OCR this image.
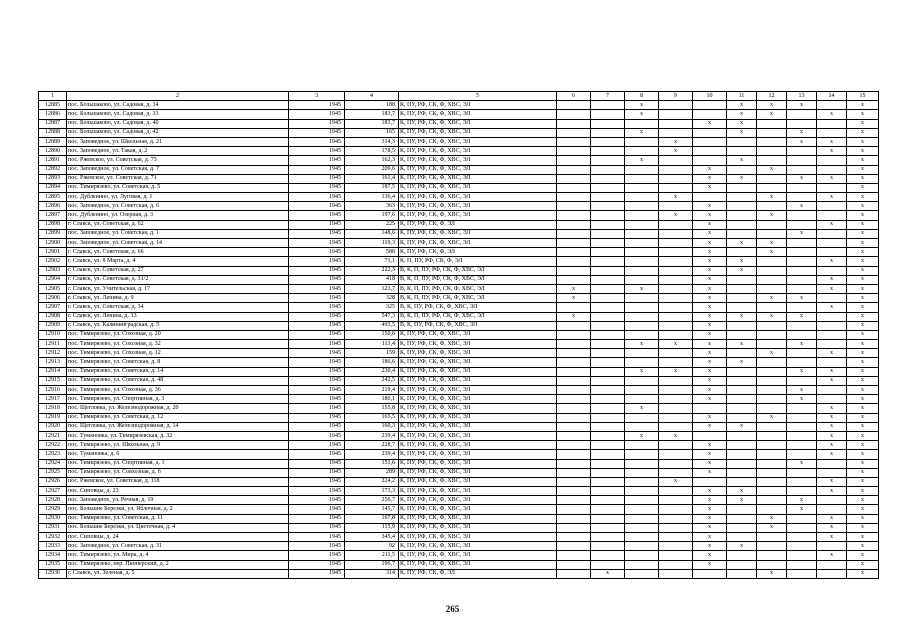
1	2	3	4	5	6	7	8	9	10	11	12	13	14	15
12885	пос. Большаково, ул. Садовая, д. 34	1945	188	К, ПУ, РФ, СК, Ф, ХВС, ЭЛ			x			x	x	x		x
12886	пос. Большаково, ул. Садовая, д. 33	1945	183,7	К, ПУ, РФ, СК, Ф, ХВС, ЭЛ			x			x	x		x	x
12887	пос. Большаково, ул. Садовая, д. 40	1945	183,7	К, ПУ, РФ, СК, Ф, ХВС, ЭЛ					x	x				x
12888	пос. Большаково, ул. Садовая, д. 42	1945	165	К, ПУ, РФ, СК, Ф, ХВС, ЭЛ			x			x		x		x
12889	пос. Заповедное, ул. Школьная, д. 21	1945	314,3	К, ПУ, РФ, СК, Ф, ХВС, ЭЛ				x				x	x	x
12890	пос. Заповедное, ул. Такая, д. 2	1945	178,5	К, ПУ, РФ, СК, Ф, ХВС, ЭЛ				x					x	x
12891	пос. Ржевское, ул. Советская, д. 75	1945	162,3	К, ПУ, РФ, СК, Ф, ХВС, ЭЛ			x			x				x
12892	пос. Заповедное, ул. Советская, д. 7	1945	209,6	К, ПУ, РФ, СК, Ф, ХВС, ЭЛ					x		x			x
12893	пос. Ржевское, ул. Советская, д. 71	1945	161,4	К, ПУ, РФ, СК, Ф, ХВС, ЭЛ					x	x		x	x	x
12894	пос. Тимирязево, ул. Советская, д. 5	1945	187,5	К, ПУ, РФ, СК, Ф, ХВС, ЭЛ					x					x
12895	пос. Дубленино, ул. Луговая, д. 1	1945	136,4	К, ПУ, РФ, СК, Ф, ХВС, ЭЛ				x			x		x	x
12896	пос. Заповедное, ул. Советская, д. 6	1945	363	К, ПУ, РФ, СК, Ф, ХВС, ЭЛ					x			x		x
12897	пос. Дубленино, ул. Озерная, д. 3	1945	197,6	К, ПУ, РФ, СК, Ф, ХВС, ЭЛ				x	x		x			x
12898	г. Славск, ул. Советская, д. 62	1945	225	К, ПУ, РФ, СК, Ф, ЭЛ					x				x	x
12899	пос. Заповедное, ул. Советская, д. 1	1945	148,6	К, ПУ, РФ, СК, Ф, ХВС, ЭЛ					x			x		x
12900	пос. Заповедное, ул. Советская, д. 14	1945	119,3	К, ПУ, РФ, СК, Ф, ХВС, ЭЛ					x	x	x			x
12901	г. Славск, ул. Советская, д. 66	1945	588	К, ПУ, РФ, СК, Ф, ЭЛ					x		x			x
12902	г. Славск, ул. 8 Марта, д. 4	1945	71,1	К, П, ПУ, РФ, СК, Ф, ЭЛ					x	x			x	x
12903	г. Славск, ул. Советская, д. 27	1945	222,3	В, К, П, ПУ, РФ, СК, Ф, ХВС, ЭЛ					x	x				x
12904	г. Славск, ул. Советская, д. 31/2	1945	418	В, К, П, ПУ, РФ, СК, Ф, ХВС, ЭЛ					x				x	x
12905	г. Славск, ул. Учительская, д. 17	1945	123,7	В, К, П, ПУ, РФ, СК, Ф, ХВС, ЭЛ	x		x		x				x	x
12906	г. Славск, ул. Ленина, д. 9	1945	328	В, К, П, ПУ, РФ, СК, Ф, ХВС, ЭЛ	x				x		x	x		x
12907	г. Славск, ул. Советская, д. 34	1945	325	В, К, ПУ, РФ, СК, Ф, ХВС, ЭЛ					x				x	x
12908	г. Славск, ул. Ленина, д. 13	1945	547,3	В, К, П, ПУ, РФ, СК, Ф, ХВС, ЭЛ	x				x	x	x	x		x
12909	г. Славск, ул. Калининградская, д. 5	1945	493,5	В, К, ПУ, РФ, СК, Ф, ХВС, ЭЛ					x					x
12910	пос. Тимирязево, ул. Сохозная, д. 20	1945	150,6	К, ПУ, РФ, СК, Ф, ХВС, ЭЛ					x					x
12911	пос. Тимирязево, ул. Сохозная, д. 32	1945	113,4	К, ПУ, РФ, СК, Ф, ХВС, ЭЛ			x	x	x	x		x		x
12912	пос. Тимирязево, ул. Сохозная, д. 12	1945	159	К, ПУ, РФ, СК, Ф, ХВС, ЭЛ					x		x		x	x
12913	пос. Тимирязево, ул. Советская, д. 8	1945	186,6	К, ПУ, РФ, СК, Ф, ХВС, ЭЛ					x	x				x
12914	пос. Тимирязево, ул. Советская, д. 14	1945	230,4	К, ПУ, РФ, СК, Ф, ХВС, ЭЛ			x	x	x			x	x	x
12915	пос. Тимирязево, ул. Советская, д. 48	1945	242,5	К, ПУ, РФ, СК, Ф, ХВС, ЭЛ					x				x	x
12916	пос. Тимирязево, ул. Сохозная, д. 36	1945	219,4	К, ПУ, РФ, СК, Ф, ХВС, ЭЛ					x			x		x
12917	пос. Тимирязево, ул. Спортивная, д. 3	1945	180,1	К, ПУ, РФ, СК, Ф, ХВС, ЭЛ					x			x		x
12918	пос. Щегловка, ул. Железнодорожная, д. 20	1945	155,8	К, ПУ, РФ, СК, Ф, ХВС, ЭЛ			x						x	x
12919	пос. Тимирязево, ул. Советская, д. 12	1945	165,5	К, ПУ, РФ, СК, Ф, ХВС, ЭЛ					x		x		x	x
12920	пос. Щегловка, ул. Железнодорожная, д. 14	1945	160,3	К, ПУ, РФ, СК, Ф, ХВС, ЭЛ					x	x			x	x
12921	пос. Тумановка, ул. Тимирязевская, д. 32	1945	239,4	К, ПУ, РФ, СК, Ф, ХВС, ЭЛ			x	x					x	x
12922	пос. Тимирязево, ул. Школьная, д. 9	1945	228,7	К, ПУ, РФ, СК, Ф, ХВС, ЭЛ					x				x	x
12923	пос. Тумановка, д. 6	1945	239,4	К, ПУ, РФ, СК, Ф, ХВС, ЭЛ					x				x	x
12924	пос. Тимирязево, ул. Спортивная, д. 1	1945	151,6	К, ПУ, РФ, СК, Ф, ХВС, ЭЛ					x			x		x
12925	пос. Тимирязево, ул. Совхозная, д. 6	1945	289	К, ПУ, РФ, СК, Ф, ХВС, ЭЛ					x					x
12926	пос. Ржевское, ул. Советская, д. 118	1945	224,2	К, ПУ, РФ, СК, Ф, ХВС, ЭЛ				x					x	x
12927	пос. Сиповцы, д. 23	1945	173,3	К, ПУ, РФ, СК, Ф, ХВС, ЭЛ					x	x			x	x
12928	пос. Заповедное, ул. Речная, д. 19	1945	256,7	К, ПУ, РФ, СК, Ф, ХВС, ЭЛ					x	x		x		x
12929	пос. Большие Березки, ул. Яблочная, д. 2	1945	145,7	К, ПУ, РФ, СК, Ф, ХВС, ЭЛ					x			x		x
12930	пос. Тимирязево, ул. Советская, д. 11	1945	167,8	К, ПУ, РФ, СК, Ф, ХВС, ЭЛ					x		x		x	x
12931	пос. Большие Березки, ул. Цветочная, д. 4	1945	115,9	К, ПУ, РФ, СК, Ф, ХВС, ЭЛ					x		x		x	x
12932	пос. Сиповцы, д. 24	1945	345,4	К, ПУ, РФ, СК, Ф, ХВС, ЭЛ					x				x	x
12933	пос. Заповедное, ул. Советская, д. 31	1945	92	К, ПУ, РФ, СК, Ф, ХВС, ЭЛ					x	x				x
12934	пос. Тимирязево, ул. Мира, д. 4	1945	211,5	К, ПУ, РФ, СК, Ф, ХВС, ЭЛ					x				x	x
12935	пос. Тимирязево, пер. Пионерский, д. 2	1945	196,7	К, ПУ, РФ, СК, Ф, ХВС, ЭЛ					x					x
12936	г. Славск, ул. Зеленая, д. 5	1945	314	К, ПУ, РФ, СК, Ф, ЭЛ		x					x			x
265
